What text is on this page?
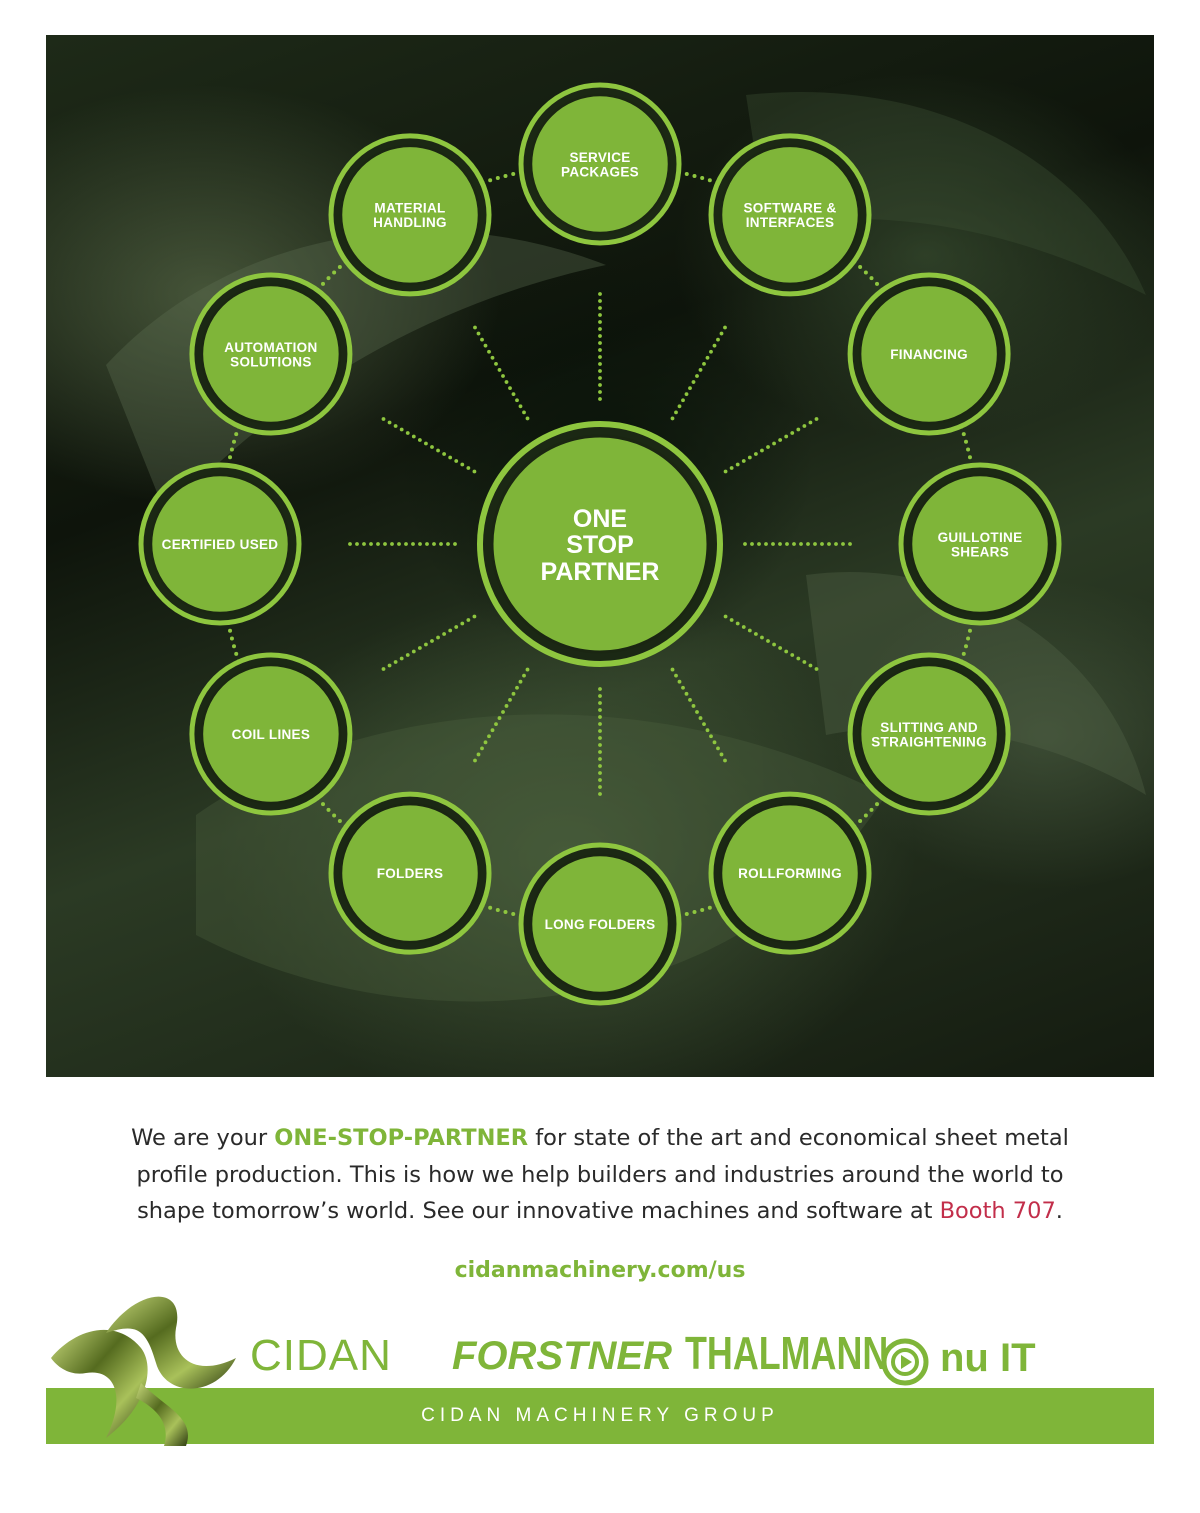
SERVICE
PACKAGES
SOFTWARE &
INTERFACES
FINANCING
GUILLOTINE
SHEARS
SLITTING AND
STRAIGHTENING
ROLLFORMING
LONG FOLDERS
FOLDERS
COIL LINES
CERTIFIED USED
AUTOMATION
SOLUTIONS
MATERIAL
HANDLING
ONE
STOP
PARTNER
We are your ONE-STOP-PARTNER for state of the art and economical sheet metal profile production. This is how we help builders and industries around the world to shape tomorrow’s world. See our innovative machines and software at Booth 707.
cidanmachinery.com/us
CIDAN MACHINERY GROUP
CIDAN FORSTNER THALMANN nu IT
